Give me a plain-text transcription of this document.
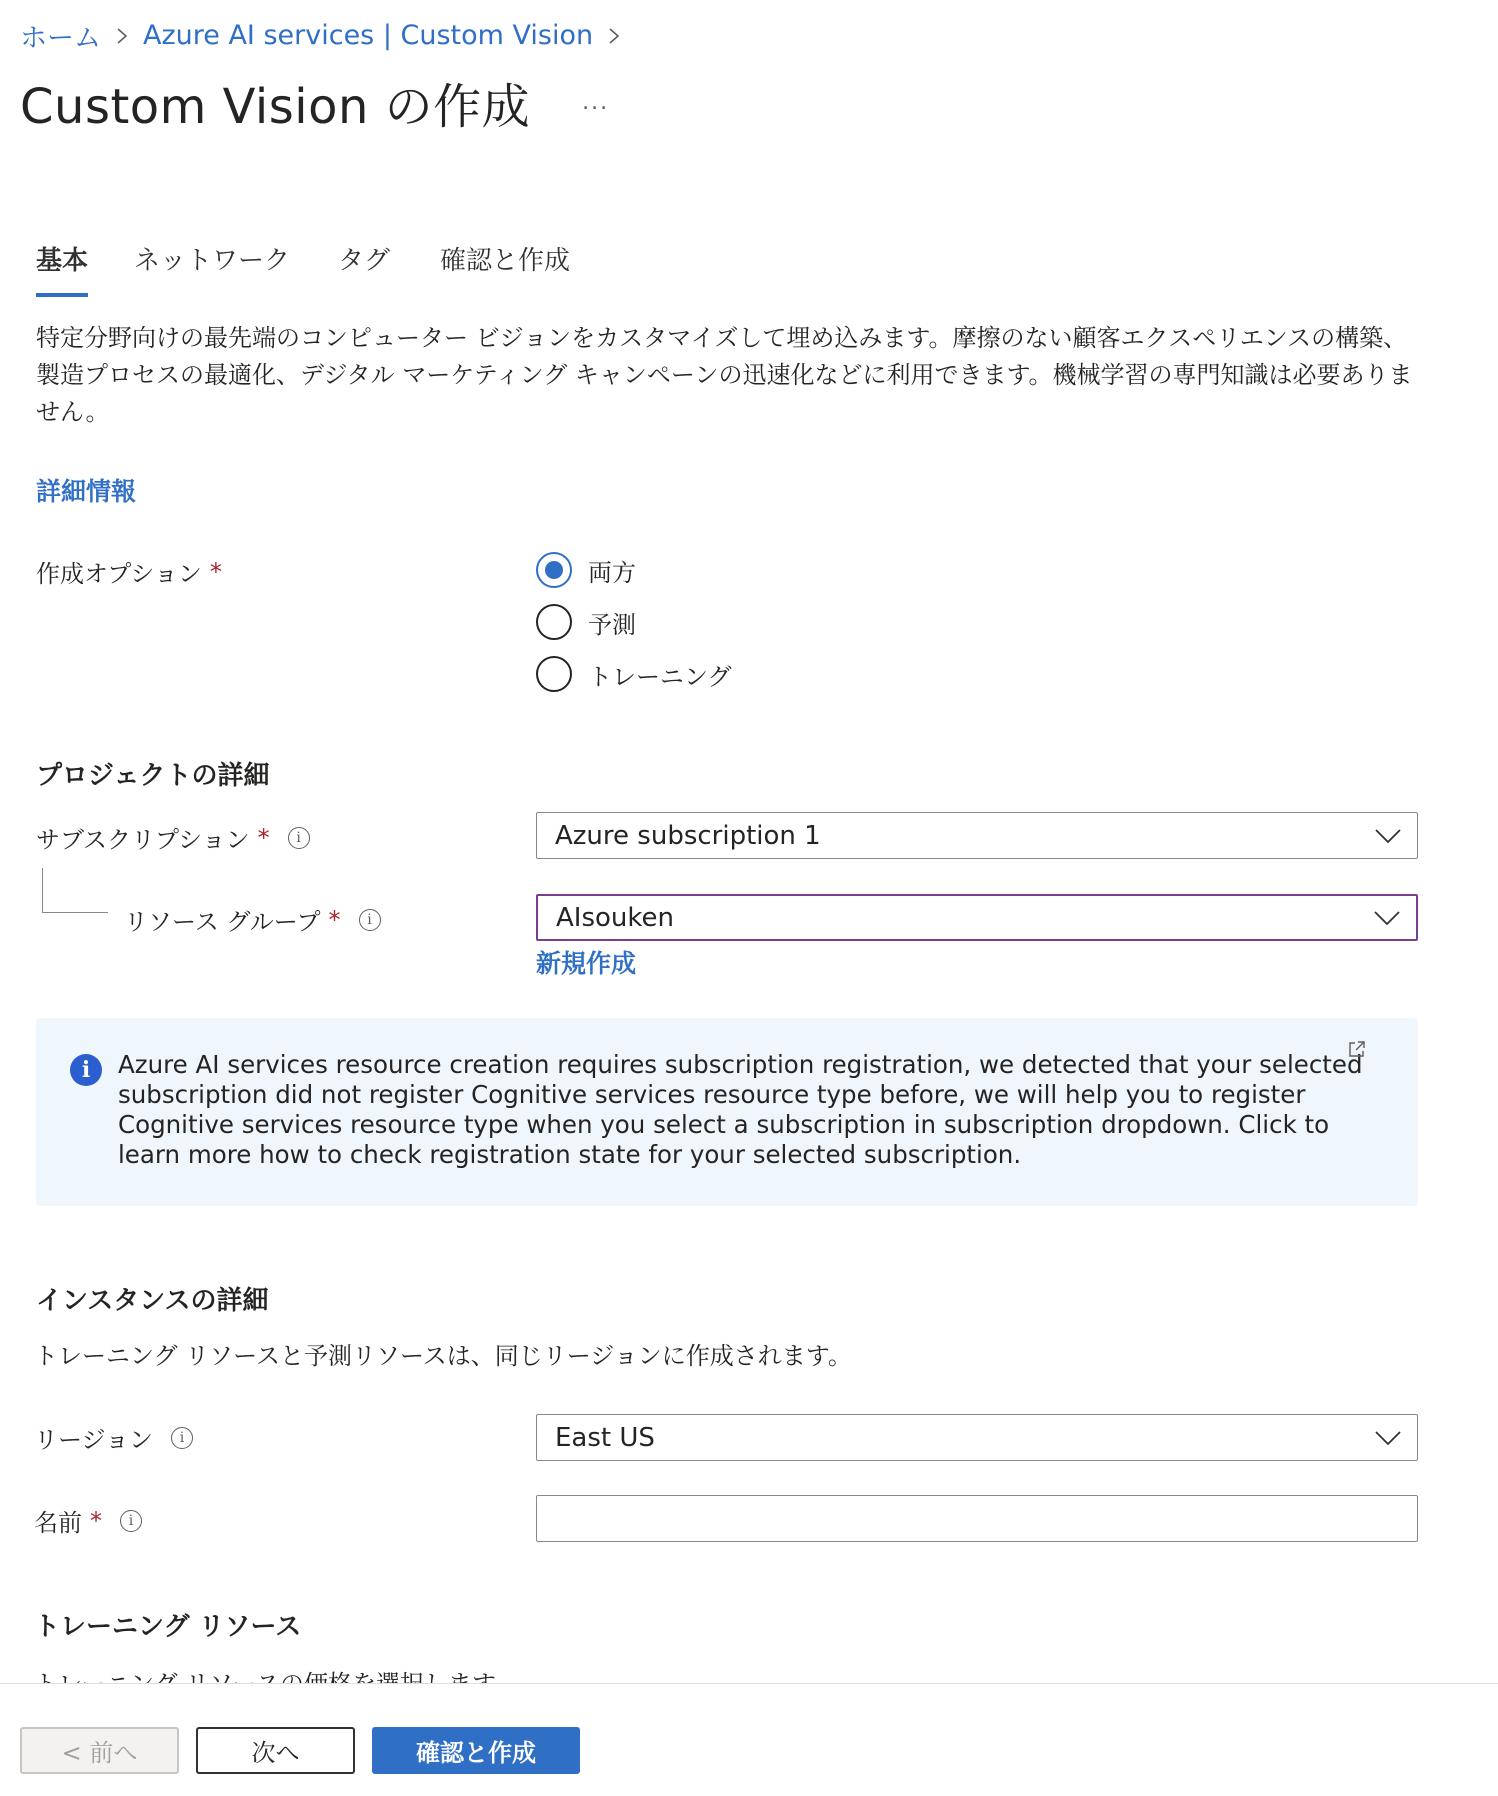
ホーム Azure AI services | Custom Vision
Custom Vision の作成 ...
基本 ネットワーク タグ 確認と作成

特定分野向けの最先端のコンピューター ビジョンをカスタマイズして埋め込みます。摩擦のない顧客エクスペリエンスの構築、製造プロセスの最適化、デジタル マーケティング キャンペーンの迅速化などに利用できます。機械学習の専門知識は必要ありません。

詳細情報
作成オプション *	両方
予測
トレーニング
プロジェクトの詳細
サブスクリプション *	i	Azure subscription 1
リソース グループ *	i	AIsouken
新規作成
i	Azure AI services resource creation requires subscription registration, we detected that your selected subscription did not register Cognitive services resource type before, we will help you to register Cognitive services resource type when you select a subscription in subscription dropdown. Click to learn more how to check registration state for your selected subscription.

インスタンスの詳細

トレーニング リソースと予測リソースは、同じリージョンに作成されます。

リージョン	i	East US
名前 *	i
トレーニング リソース

< 前へ	次へ	確認と作成
